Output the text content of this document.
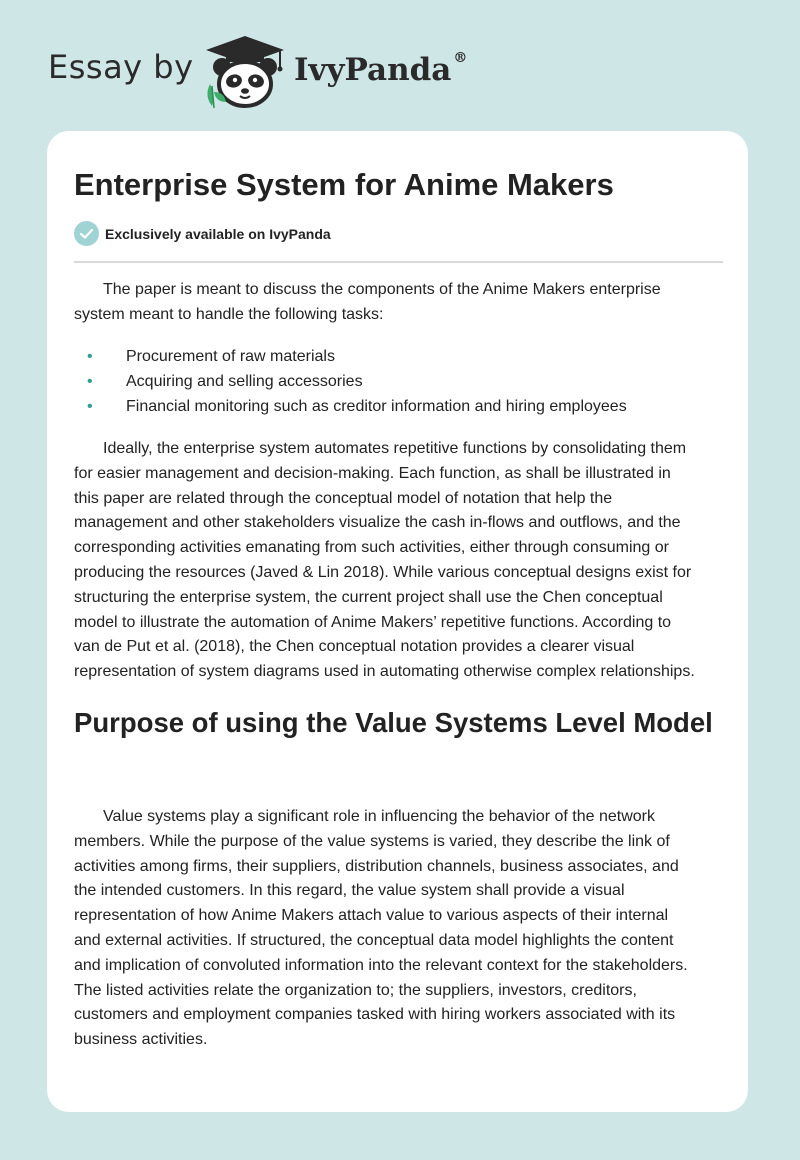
Essay by	IvyPanda ®
Enterprise System for Anime Makers
Exclusively available on IvyPanda

The paper is meant to discuss the components of the Anime Makers enterprise
system meant to handle the following tasks:

• Procurement of raw materials
• Acquiring and selling accessories
• Financial monitoring such as creditor information and hiring employees

Ideally, the enterprise system automates repetitive functions by consolidating them
for easier management and decision-making. Each function, as shall be illustrated in
this paper are related through the conceptual model of notation that help the
management and other stakeholders visualize the cash in-flows and outflows, and the
corresponding activities emanating from such activities, either through consuming or
producing the resources (Javed & Lin 2018). While various conceptual designs exist for
structuring the enterprise system, the current project shall use the Chen conceptual
model to illustrate the automation of Anime Makers’ repetitive functions. According to
van de Put et al. (2018), the Chen conceptual notation provides a clearer visual
representation of system diagrams used in automating otherwise complex relationships.

Purpose of using the Value Systems Level Model

Value systems play a significant role in influencing the behavior of the network
members. While the purpose of the value systems is varied, they describe the link of
activities among firms, their suppliers, distribution channels, business associates, and
the intended customers. In this regard, the value system shall provide a visual
representation of how Anime Makers attach value to various aspects of their internal
and external activities. If structured, the conceptual data model highlights the content
and implication of convoluted information into the relevant context for the stakeholders.
The listed activities relate the organization to; the suppliers, investors, creditors,
customers and employment companies tasked with hiring workers associated with its
business activities.
